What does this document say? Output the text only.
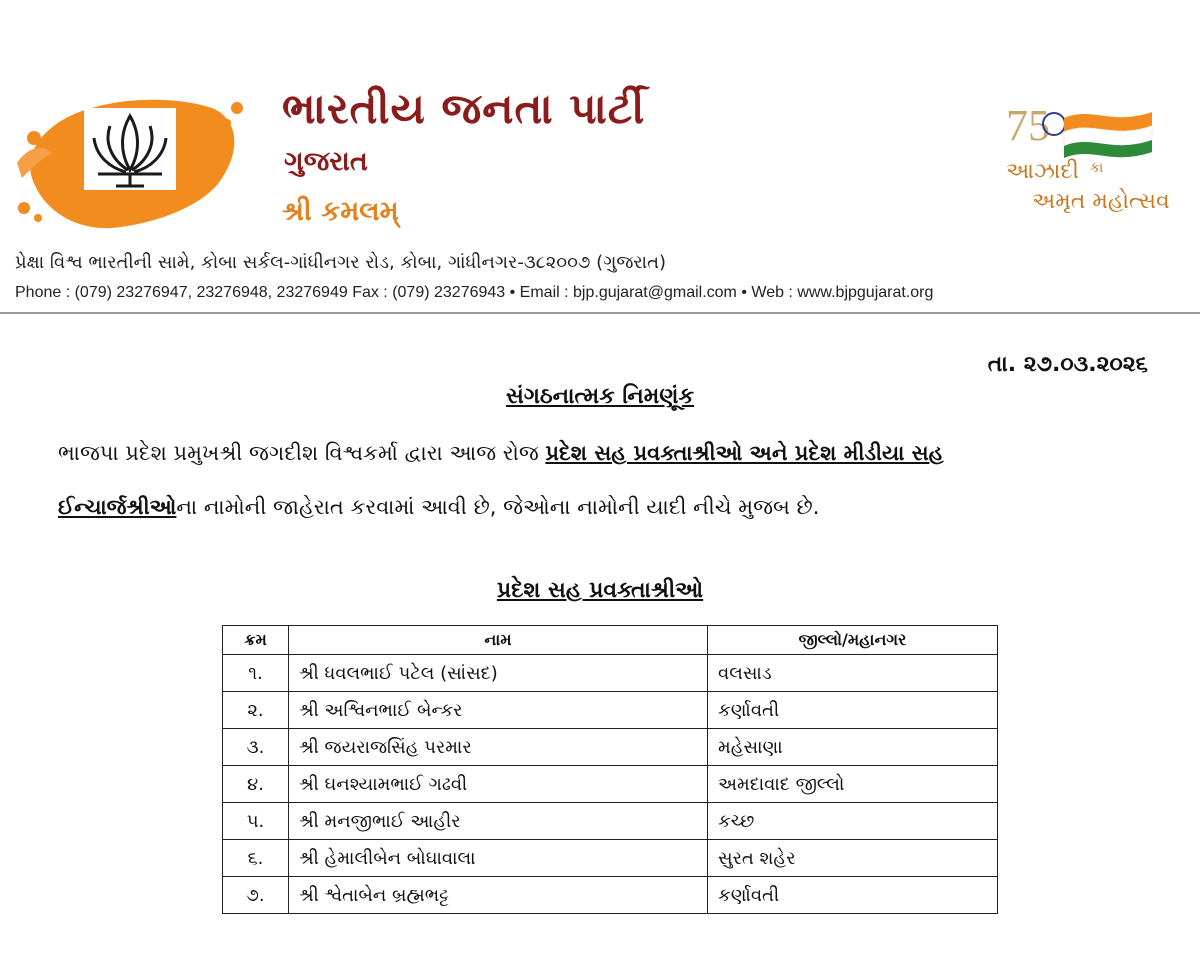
ભારતીય જનતા પાર્ટી
ગુજરાત
શ્રી કમલમ્
7 5
આઝાદી કા
અમૃત મહોત્સવ
પ્રેક્ષા વિશ્વ ભારતીની સામે, કોબા સર્કલ-ગાંધીનગર રોડ, કોબા, ગાંધીનગર-૩૮૨૦૦૭ (ગુજરાત)
Phone : (079) 23276947, 23276948, 23276949 Fax : (079) 23276943 • Email : bjp.gujarat@gmail.com • Web : www.bjpgujarat.org
તા. ૨૭.૦૩.૨૦૨૬
સંગઠનાત્મક નિમણૂંક
ભાજપા પ્રદેશ પ્રમુખશ્રી જગદીશ વિશ્વકર્મા દ્વારા આજ રોજ પ્રદેશ સહ પ્રવક્તાશ્રીઓ અને પ્રદેશ મીડીયા સહ
ઈન્ચાર્જશ્રીઓના નામોની જાહેરાત કરવામાં આવી છે, જેઓના નામોની યાદી નીચે મુજબ છે.
પ્રદેશ સહ પ્રવક્તાશ્રીઓ
ક્રમ	નામ	જીલ્લો/મહાનગર
૧.	શ્રી ધવલભાઈ પટેલ (સાંસદ)	વલસાડ
૨.	શ્રી અશ્વિનભાઈ બેન્કર	કર્ણાવતી
૩.	શ્રી જયરાજસિંહ પરમાર	મહેસાણા
૪.	શ્રી ઘનશ્યામભાઈ ગઢવી	અમદાવાદ જીલ્લો
૫.	શ્રી મનજીભાઈ આહીર	કચ્છ
૬.	શ્રી હેમાલીબેન બોઘાવાલા	સુરત શહેર
૭.	શ્રી શ્વેતાબેન બ્રહ્મભટ્ટ	કર્ણાવતી
